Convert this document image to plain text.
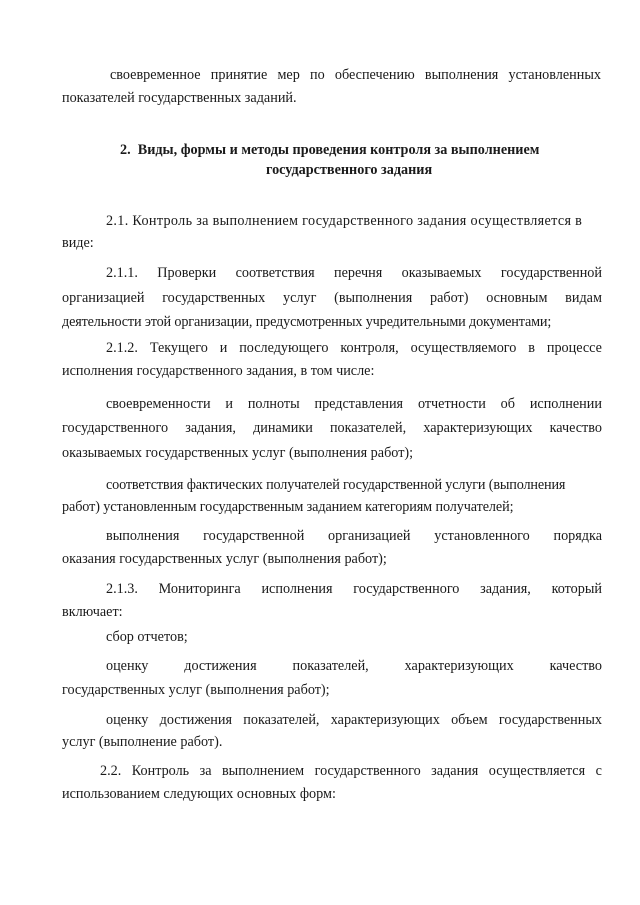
своевременное принятие мер по обеспечению выполнения установленных
показателей государственных заданий.
2. Виды, формы и методы проведения контроля за выполнением
государственного задания
2.1. Контроль за выполнением государственного задания осуществляется в
виде:
2.1.1. Проверки соответствия перечня оказываемых государственной
организацией государственных услуг (выполнения работ) основным видам
деятельности этой организации, предусмотренных учредительными документами;
2.1.2. Текущего и последующего контроля, осуществляемого в процессе
исполнения государственного задания, в том числе:
своевременности и полноты представления отчетности об исполнении
государственного задания, динамики показателей, характеризующих качество
оказываемых государственных услуг (выполнения работ);
соответствия фактических получателей государственной услуги (выполнения
работ) установленным государственным заданием категориям получателей;
выполнения государственной организацией установленного порядка
оказания государственных услуг (выполнения работ);
2.1.3. Мониторинга исполнения государственного задания, который
включает:
сбор отчетов;
оценку	достижения	показателей,	характеризующих	качество
государственных услуг (выполнения работ);
оценку достижения показателей, характеризующих объем государственных
услуг (выполнение работ).
2.2. Контроль за выполнением государственного задания осуществляется с
использованием следующих основных форм:
